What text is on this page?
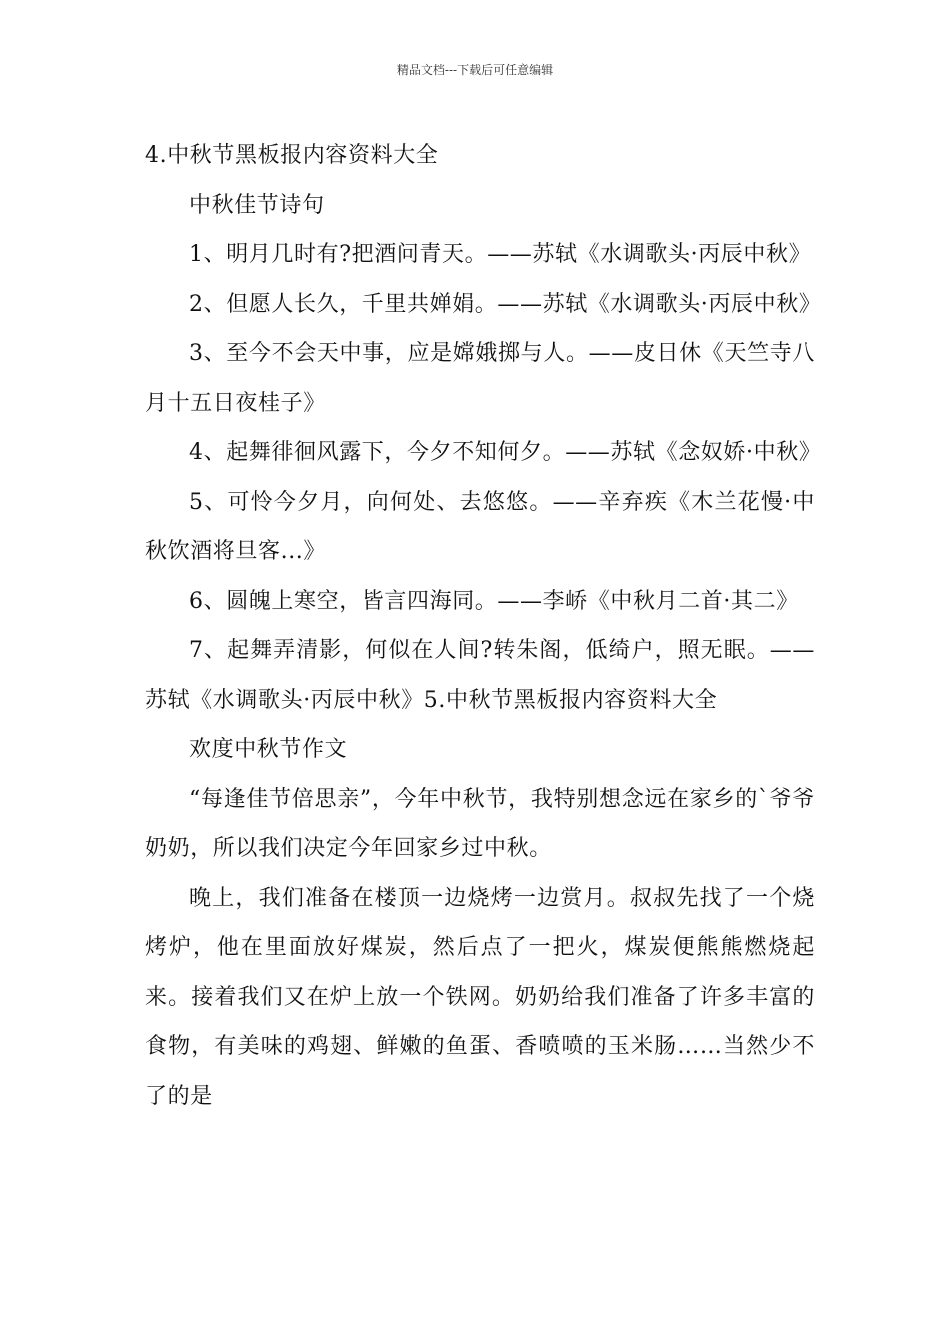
精品文档---下载后可任意编辑

4.中秋节黑板报内容资料大全

中秋佳节诗句

1、明月几时有?把酒问青天。——苏轼《水调歌头·丙辰中秋》

2、但愿人长久，千里共婵娟。——苏轼《水调歌头·丙辰中秋》

3、至今不会天中事，应是嫦娥掷与人。——皮日休《天竺寺八月十五日夜桂子》

4、起舞徘徊风露下，今夕不知何夕。——苏轼《念奴娇·中秋》

5、可怜今夕月，向何处、去悠悠。——辛弃疾《木兰花慢·中秋饮酒将旦客...》

6、圆魄上寒空，皆言四海同。——李峤《中秋月二首·其二》

7、起舞弄清影，何似在人间?转朱阁，低绮户，照无眠。——苏轼《水调歌头·丙辰中秋》5.中秋节黑板报内容资料大全

欢度中秋节作文

“每逢佳节倍思亲”，今年中秋节，我特别想念远在家乡的`爷爷奶奶，所以我们决定今年回家乡过中秋。

晚上，我们准备在楼顶一边烧烤一边赏月。叔叔先找了一个烧烤炉，他在里面放好煤炭，然后点了一把火，煤炭便熊熊燃烧起来。接着我们又在炉上放一个铁网。奶奶给我们准备了许多丰富的食物，有美味的鸡翅、鲜嫩的鱼蛋、香喷喷的玉米肠……当然少不了的是
